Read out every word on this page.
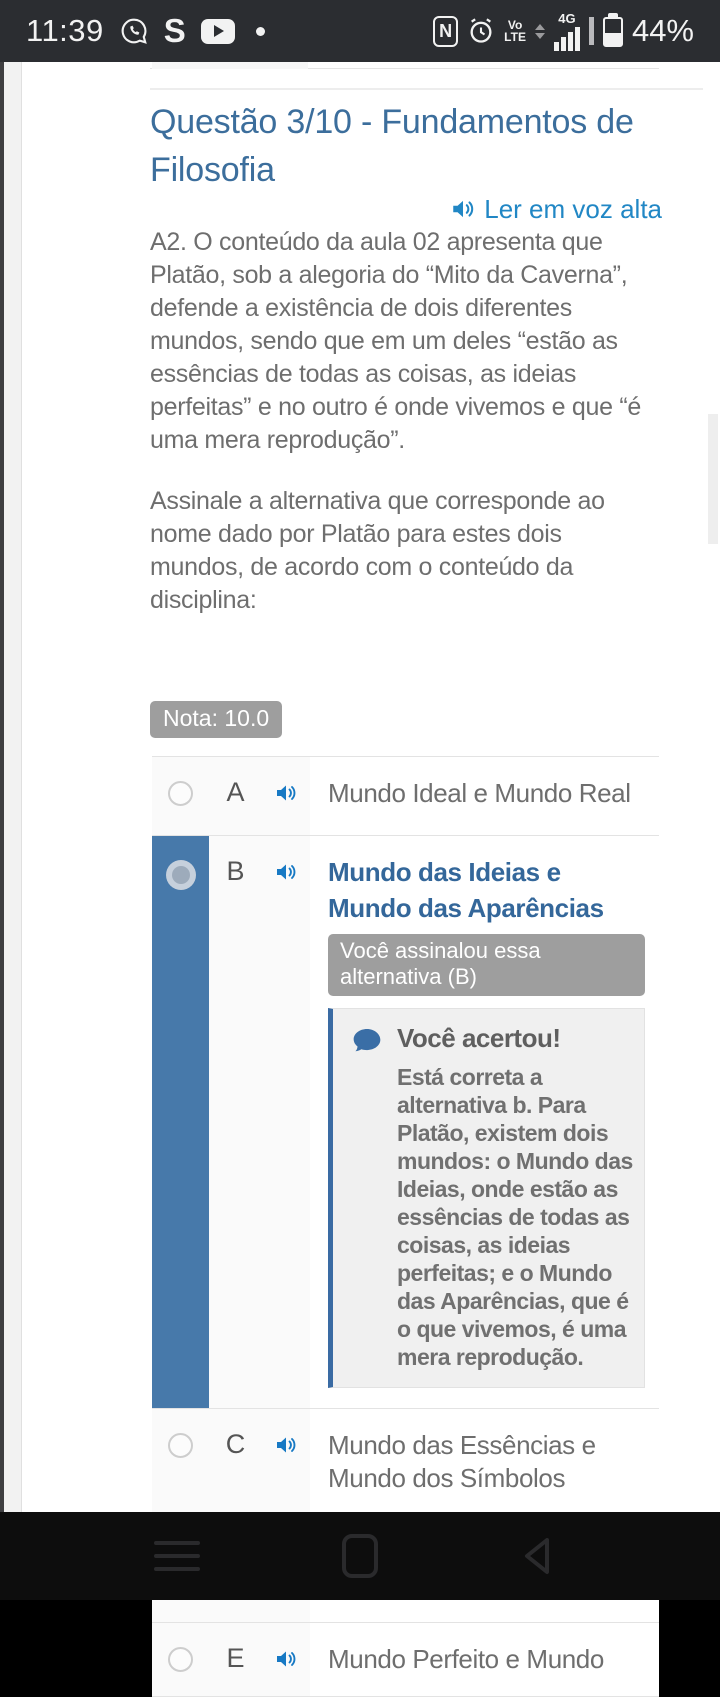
11:39 S	N	Vo
LTE
4G 44%
Questão 3/10 - Fundamentos de Filosofia
Ler em voz alta

A2. O conteúdo da aula 02 apresenta que Platão, sob a alegoria do “Mito da Caverna”, defende a existência de dois diferentes mundos, sendo que em um deles “estão as essências de todas as coisas, as ideias perfeitas” e no outro é onde vivemos e que “é uma mera reprodução”.

Assinale a alternativa que corresponde ao nome dado por Platão para estes dois mundos, de acordo com o conteúdo da disciplina:

Nota: 10.0
A	Mundo Ideal e Mundo Real
B	Mundo das Ideias e Mundo das Aparências
Você assinalou essa alternativa (B)
Você acertou!
Está correta a alternativa b. Para Platão, existem dois mundos: o Mundo das Ideias, onde estão as essências de todas as coisas, as ideias perfeitas; e o Mundo das Aparências, que é o que vivemos, é uma mera reprodução.
C	Mundo das Essências e Mundo dos Símbolos
E	Mundo Perfeito e Mundo
